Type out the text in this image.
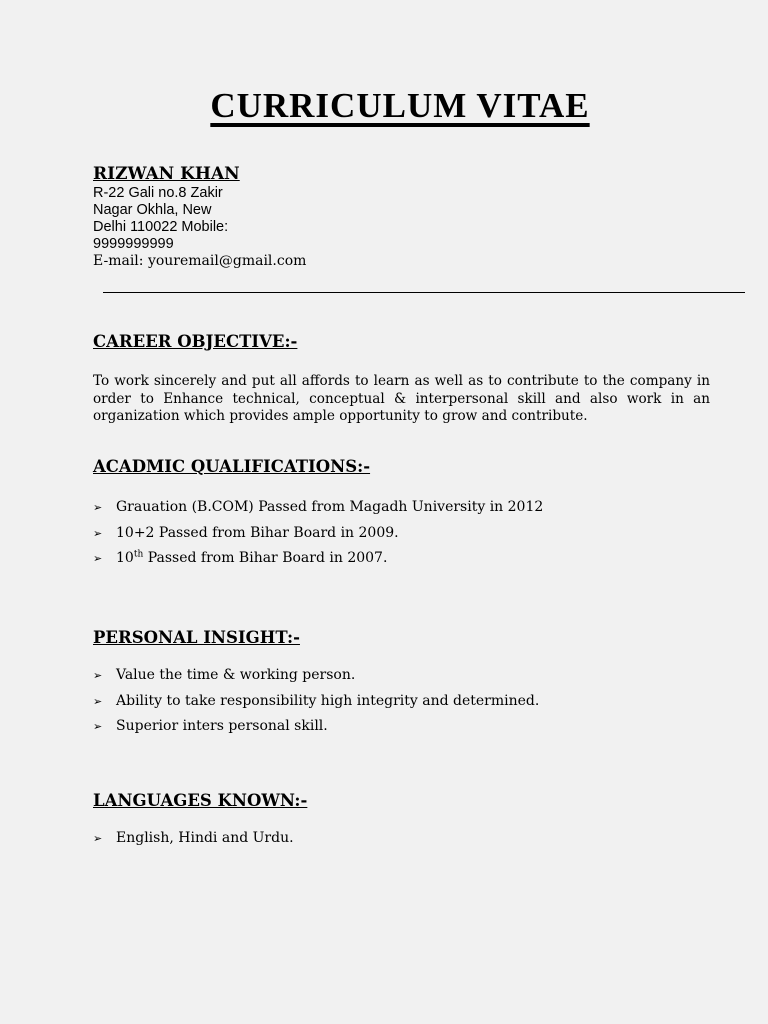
CURRICULUM VITAE
RIZWAN KHAN
R-22 Gali no.8 Zakir
Nagar Okhla, New
Delhi 110022 Mobile:
9999999999
E-mail: youremail@gmail.com
CAREER OBJECTIVE:-

To work sincerely and put all affords to learn as well as to contribute to the company in order to Enhance technical, conceptual & interpersonal skill and also work in an organization which provides ample opportunity to grow and contribute.

ACADMIC QUALIFICATIONS:-
➢ Grauation (B.COM) Passed from Magadh University in 2012
➢ 10+2 Passed from Bihar Board in 2009.
➢ 10th Passed from Bihar Board in 2007.
PERSONAL INSIGHT:-
➢ Value the time & working person.
➢ Ability to take responsibility high integrity and determined.
➢ Superior inters personal skill.
LANGUAGES KNOWN:-
➢ English, Hindi and Urdu.
